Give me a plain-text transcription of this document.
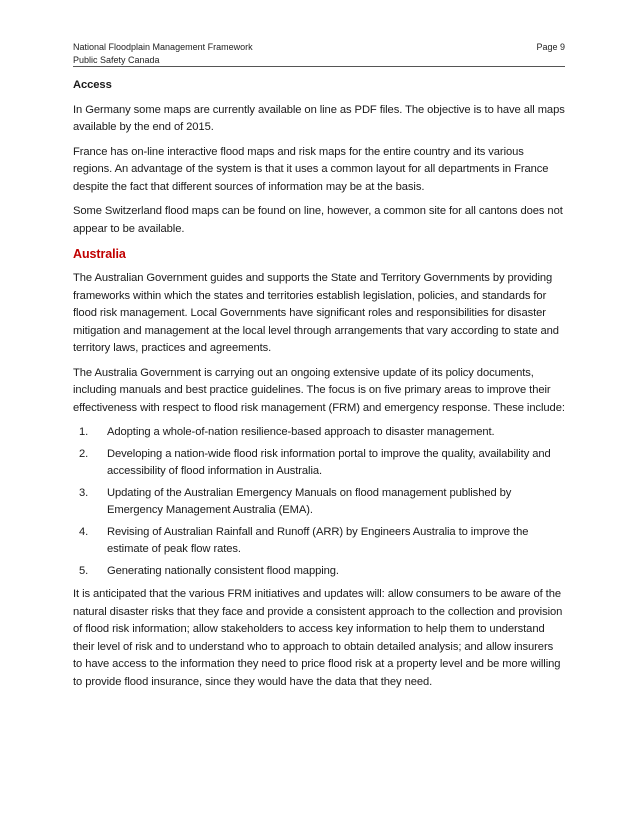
National Floodplain Management Framework	Page 9
Public Safety Canada
Access

In Germany some maps are currently available on line as PDF files. The objective is to have all maps available by the end of 2015.

France has on-line interactive flood maps and risk maps for the entire country and its various regions. An advantage of the system is that it uses a common layout for all departments in France despite the fact that different sources of information may be at the basis.

Some Switzerland flood maps can be found on line, however, a common site for all cantons does not appear to be available.

Australia

The Australian Government guides and supports the State and Territory Governments by providing frameworks within which the states and territories establish legislation, policies, and standards for flood risk management. Local Governments have significant roles and responsibilities for disaster mitigation and management at the local level through arrangements that vary according to state and territory laws, practices and agreements.

The Australia Government is carrying out an ongoing extensive update of its policy documents, including manuals and best practice guidelines. The focus is on five primary areas to improve their effectiveness with respect to flood risk management (FRM) and emergency response. These include:

1.	Adopting a whole-of-nation resilience-based approach to disaster management.
2.	Developing a nation-wide flood risk information portal to improve the quality, availability and accessibility of flood information in Australia.
3.	Updating of the Australian Emergency Manuals on flood management published by Emergency Management Australia (EMA).
4.	Revising of Australian Rainfall and Runoff (ARR) by Engineers Australia to improve the estimate of peak flow rates.
5.	Generating nationally consistent flood mapping.

It is anticipated that the various FRM initiatives and updates will: allow consumers to be aware of the natural disaster risks that they face and provide a consistent approach to the collection and provision of flood risk information; allow stakeholders to access key information to help them to understand their level of risk and to understand who to approach to obtain detailed analysis; and allow insurers to have access to the information they need to price flood risk at a property level and be more willing to provide flood insurance, since they would have the data that they need.
